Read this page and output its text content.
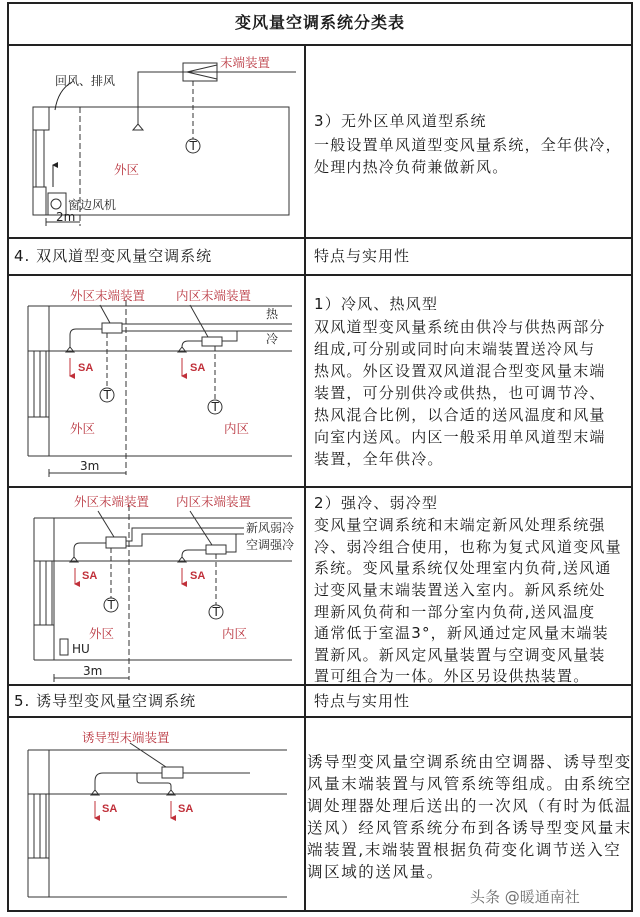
变风量空调系统分类表
3）无外区单风道型系统
一般设置单风道型变风量系统，全年供冷，
处理内热冷负荷兼做新风。
4. 双风道型变风量空调系统	特点与实用性
1）冷风、热风型
双风道型变风量系统由供冷与供热两部分
组成,可分别或同时向末端装置送冷风与
热风。外区设置双风道混合型变风量末端
装置，可分别供冷或供热，也可调节冷、
热风混合比例，以合适的送风温度和风量
向室内送风。内区一般采用单风道型末端
装置，全年供冷。
2）强冷、弱冷型
变风量空调系统和末端定新风处理系统强
冷、弱冷组合使用，也称为复式风道变风量
系统。变风量系统仅处理室内负荷,送风通
过变风量末端装置送入室内。新风系统处
理新风负荷和一部分室内负荷,送风温度
通常低于室温3°，新风通过定风量末端装
置新风。新风定风量装置与空调变风量装
置可组合为一体。外区另设供热装置。
5. 诱导型变风量空调系统	特点与实用性
诱导型变风量空调系统由空调器、诱导型变
风量末端装置与风管系统等组成。由系统空
调处理器处理后送出的一次风（有时为低温
送风）经风管系统分布到各诱导型变风量末
端装置,末端装置根据负荷变化调节送入空
调区域的送风量。
头条 @暖通南社
末端装置
回风、排风
外区
窗边风机
2m
T
外区末端装置 内区末端装置
热
冷
SA	SA
外区	内区
3m
T
T
外区末端装置 内区末端装置
新风弱冷
空调强冷
SA	SA
外区	内区
HU
3m
T	T
诱导型末端装置
SA	SA
